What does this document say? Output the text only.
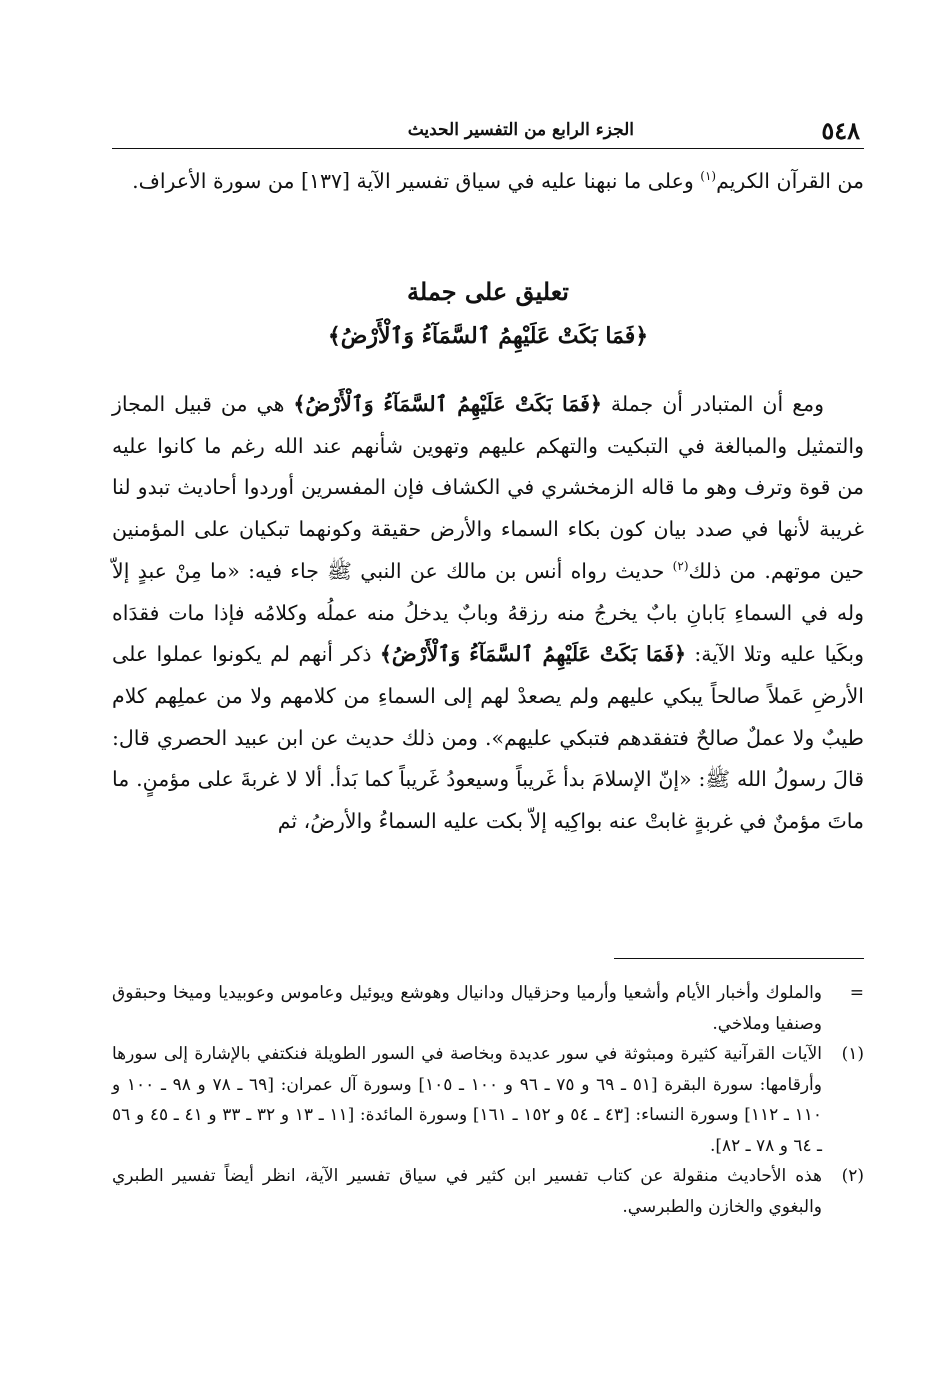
٥٤٨
الجزء الرابع من التفسير الحديث

من القرآن الكريم$^{(١)}$ وعلى ما نبهنا عليه في سياق تفسير الآية [١٣٧] من سورة الأعراف.

تعليق على جملة
﴿فَمَا بَكَتْ عَلَيْهِمُ ٱلسَّمَآءُ وَٱلْأَرْضُ﴾

ومع أن المتبادر أن جملة ﴿فَمَا بَكَتْ عَلَيْهِمُ ٱلسَّمَآءُ وَٱلْأَرْضُ﴾ هي من قبيل المجاز والتمثيل والمبالغة في التبكيت والتهكم عليهم وتهوين شأنهم عند الله رغم ما كانوا عليه من قوة وترف وهو ما قاله الزمخشري في الكشاف فإن المفسرين أوردوا أحاديث تبدو لنا غريبة لأنها في صدد بيان كون بكاء السماء والأرض حقيقة وكونهما تبكيان على المؤمنين حين موتهم. من ذلك$^{(٢)}$ حديث رواه أنس بن مالك عن النبي ﷺ جاء فيه: «ما مِنْ عبدٍ إلاّ وله في السماءِ بَابانِ بابٌ يخرجُ منه رزقهُ وبابٌ يدخلُ منه عملُه وكلامُه فإذا مات فقدَاه وبكَيا عليه وتلا الآية: ﴿فَمَا بَكَتْ عَلَيْهِمُ ٱلسَّمَآءُ وَٱلْأَرْضُ﴾ ذكر أنهم لم يكونوا عملوا على الأرضِ عَملاً صالحاً يبكي عليهم ولم يصعدْ لهم إلى السماءِ من كلامهم ولا من عملِهم كلام طيبٌ ولا عملٌ صالحٌ فتفقدهم فتبكي عليهم». ومن ذلك حديث عن ابن عبيد الحصري قال: قالَ رسولُ الله ﷺ: «إنّ الإسلامَ بدأ غَريباً وسيعودُ غَريباً كما بَدأ. ألا لا غربةَ على مؤمنٍ. ما ماتَ مؤمنٌ في غربةٍ غابتْ عنه بواكِيه إلاّ بكت عليه السماءُ والأرضُ، ثم

=
والملوك وأخبار الأيام وأشعيا وأرميا وحزقيال ودانيال وهوشع ويوئيل وعاموس وعوبيديا وميخا وحبقوق وصنفيا وملاخي.

(١)
الآيات القرآنية كثيرة ومبثوثة في سور عديدة وبخاصة في السور الطويلة فنكتفي بالإشارة إلى سورها وأرقامها: سورة البقرة [٥١ ـ ٦٩ و ٧٥ ـ ٩٦ و ١٠٠ ـ ١٠٥] وسورة آل عمران: [٦٩ ـ ٧٨ و ٩٨ ـ ١٠٠ و ١١٠ ـ ١١٢] وسورة النساء: [٤٣ ـ ٥٤ و ١٥٢ ـ ١٦١] وسورة المائدة: [١١ ـ ١٣ و ٣٢ ـ ٣٣ و ٤١ ـ ٤٥ و ٥٦ ـ ٦٤ و ٧٨ ـ ٨٢].

(٢)
هذه الأحاديث منقولة عن كتاب تفسير ابن كثير في سياق تفسير الآية، انظر أيضاً تفسير الطبري والبغوي والخازن والطبرسي.
